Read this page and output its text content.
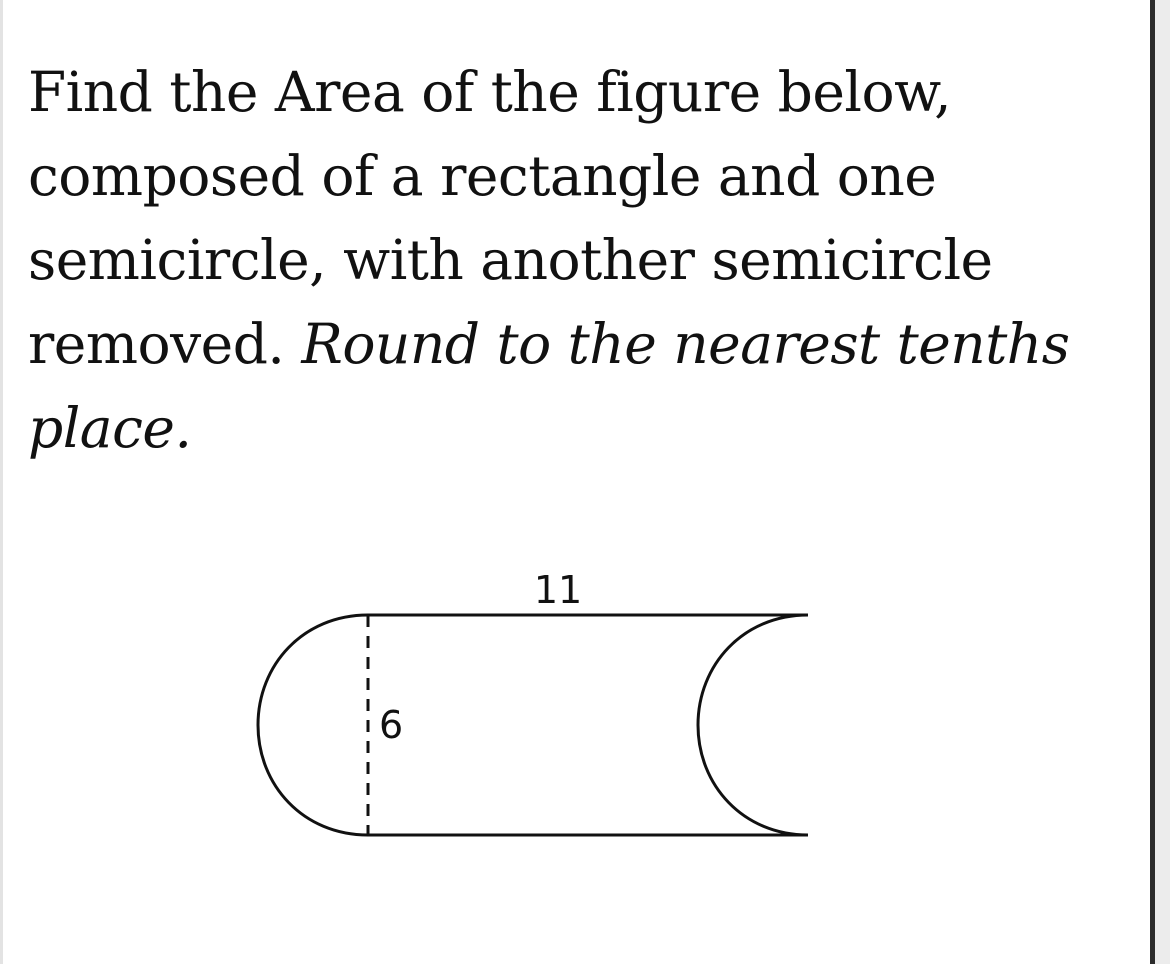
Find the Area of the figure below, composed of a rectangle and one semicircle, with another semicircle removed. Round to the nearest tenths place.

11
6
